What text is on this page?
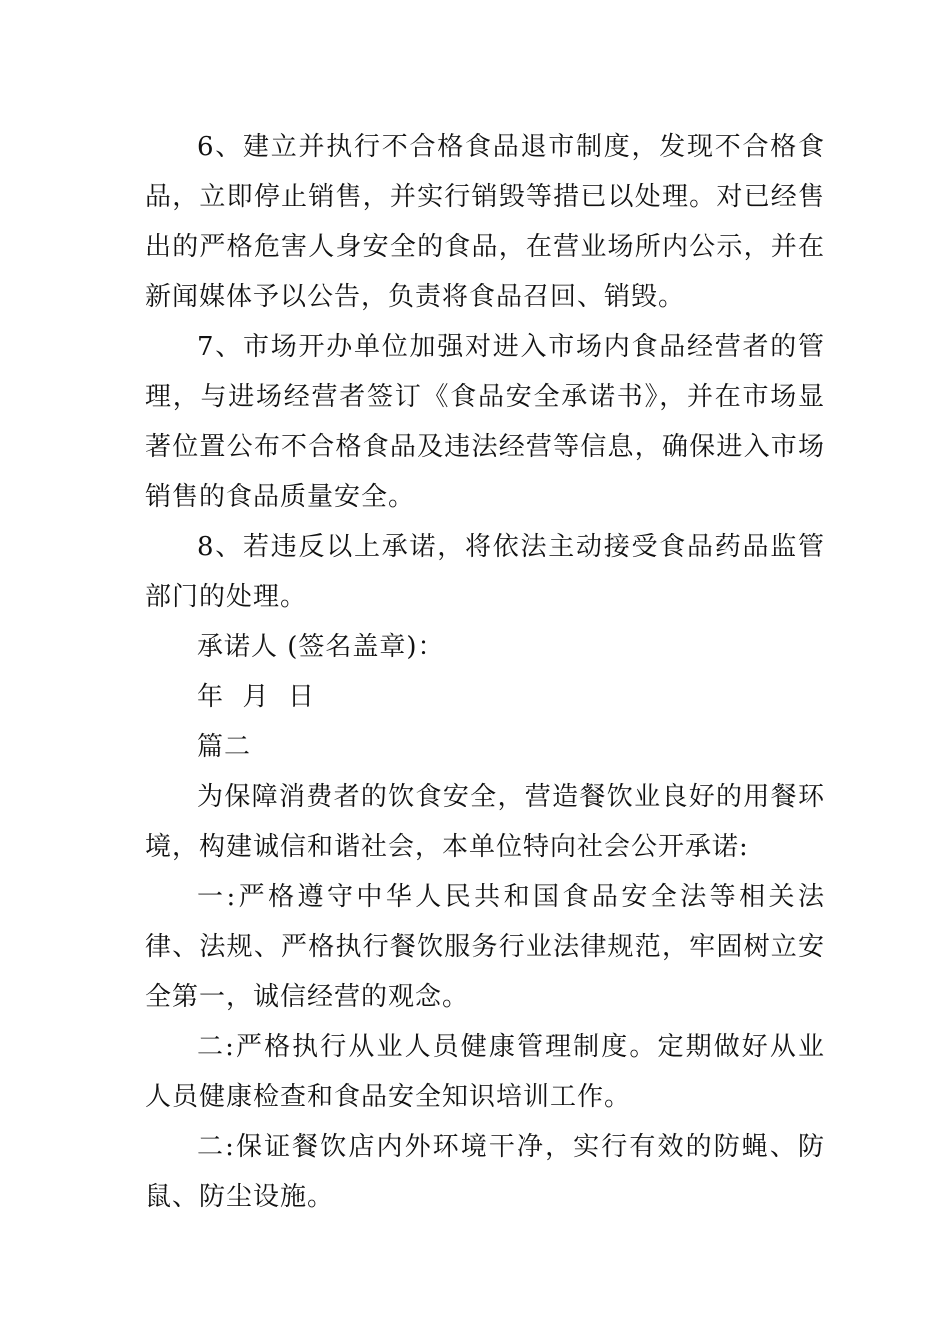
6、建立并执行不合格食品退市制度，发现不合格食品，立即停止销售，并实行销毁等措已以处理。对已经售出的严格危害人身安全的食品，在营业场所内公示，并在新闻媒体予以公告，负责将食品召回、销毁。

7、市场开办单位加强对进入市场内食品经营者的管理，与进场经营者签订《食品安全承诺书》，并在市场显著位置公布不合格食品及违法经营等信息，确保进入市场销售的食品质量安全。

8、若违反以上承诺，将依法主动接受食品药品监管部门的处理。

承诺人 (签名盖章)：

年  月  日

篇二

为保障消费者的饮食安全，营造餐饮业良好的用餐环境，构建诚信和谐社会，本单位特向社会公开承诺:

一:严格遵守中华人民共和国食品安全法等相关法律、法规、严格执行餐饮服务行业法律规范，牢固树立安全第一，诚信经营的观念。

二:严格执行从业人员健康管理制度。定期做好从业人员健康检查和食品安全知识培训工作。

二:保证餐饮店内外环境干净，实行有效的防蝇、防鼠、防尘设施。
